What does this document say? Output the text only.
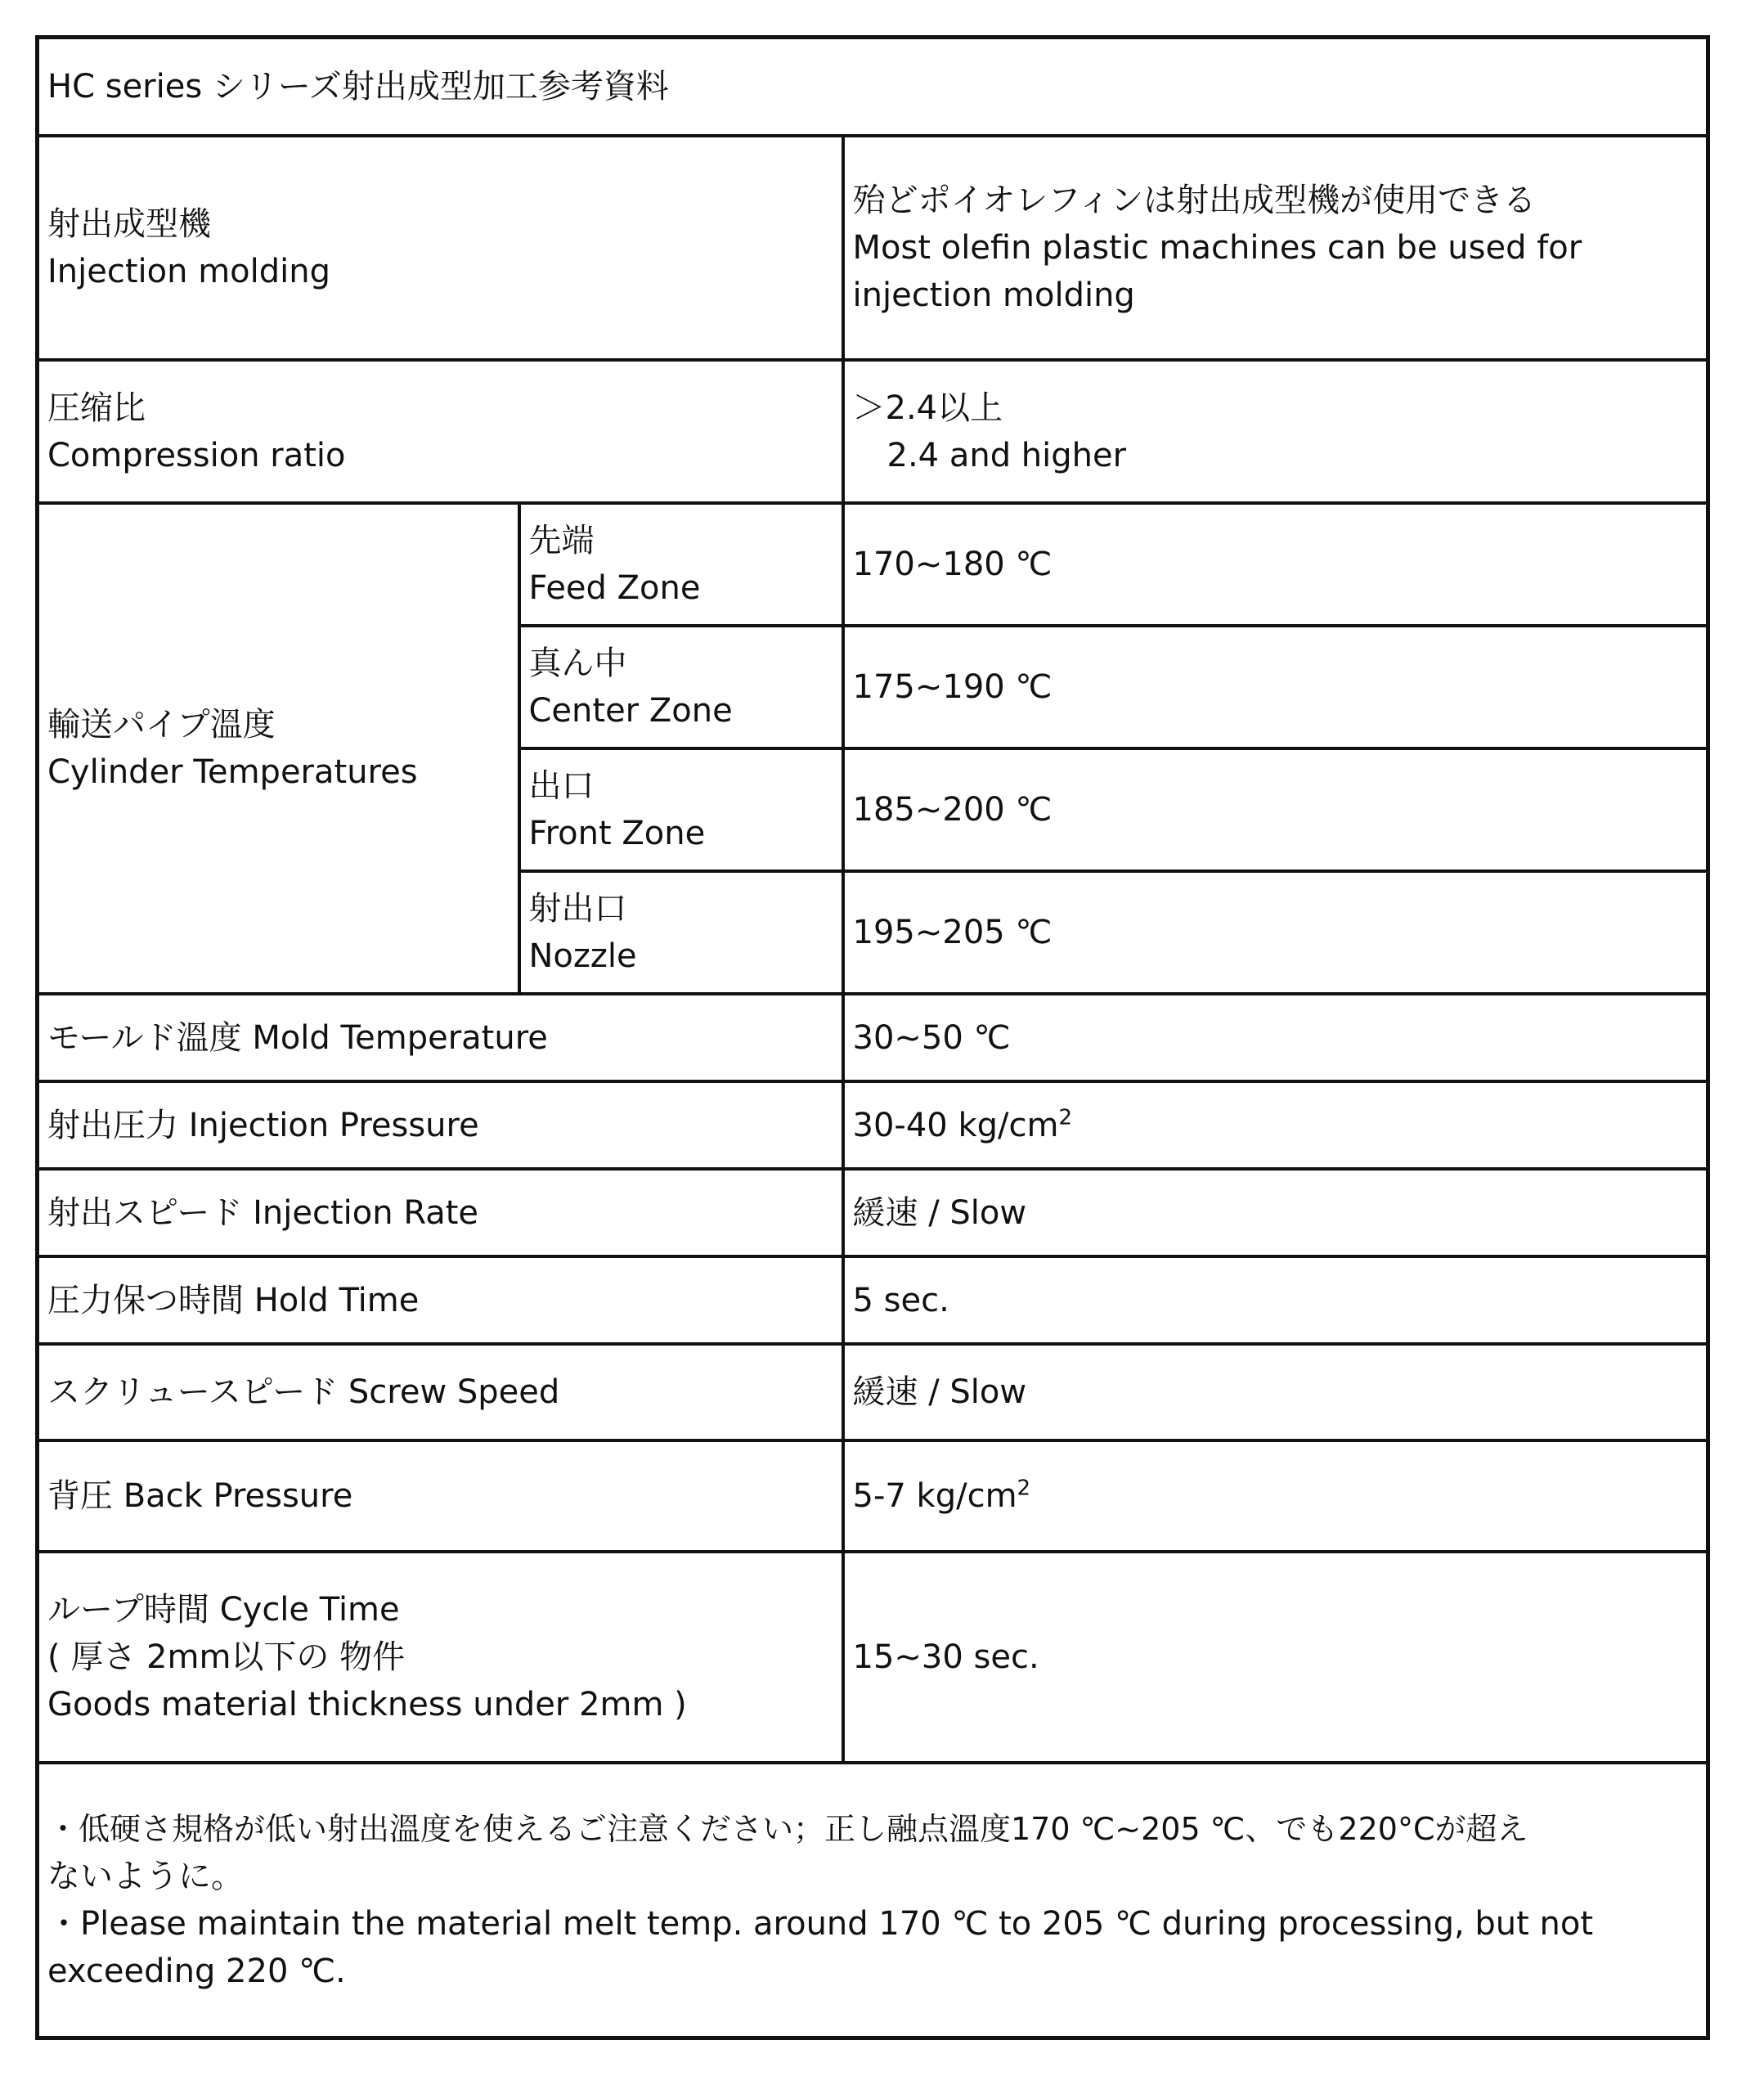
HC series シリーズ射出成型加工参考資料		

射出成型機
Injection molding		殆どポイオレフィンは射出成型機が使用できる
Most olefin plastic machines can be used for
injection molding

圧缩比
Compression ratio		＞2.4以上
2.4 and higher

輸送パイプ溫度
Cylinder Temperatures	先端
Feed Zone	170~180 ℃

	真ん中
Center Zone	175~190 ℃

	出口
Front Zone	185~200 ℃

	射出口
Nozzle	195~205 ℃
モールド溫度 Mold Temperature		30~50 ℃
射出圧力 Injection Pressure		30-40 $kg/cm^2$
射出スピード Injection Rate		緩速 / Slow
圧力保つ時間 Hold Time		5 sec.
スクリュースピード Screw Speed		緩速 / Slow
背圧 Back Pressure		5-7 $kg/cm^2$

ループ時間 Cycle Time
( 厚さ 2mm以下の 物件
Goods material thickness under 2mm )		15~30 sec.

・低硬さ規格が低い射出溫度を使えるご注意ください；正し融点溫度170 ℃~205 ℃、でも220°Cが超え
ないように。
・Please maintain the material melt temp. around 170 ℃ to 205 ℃ during processing, but not
exceeding 220 ℃.		
